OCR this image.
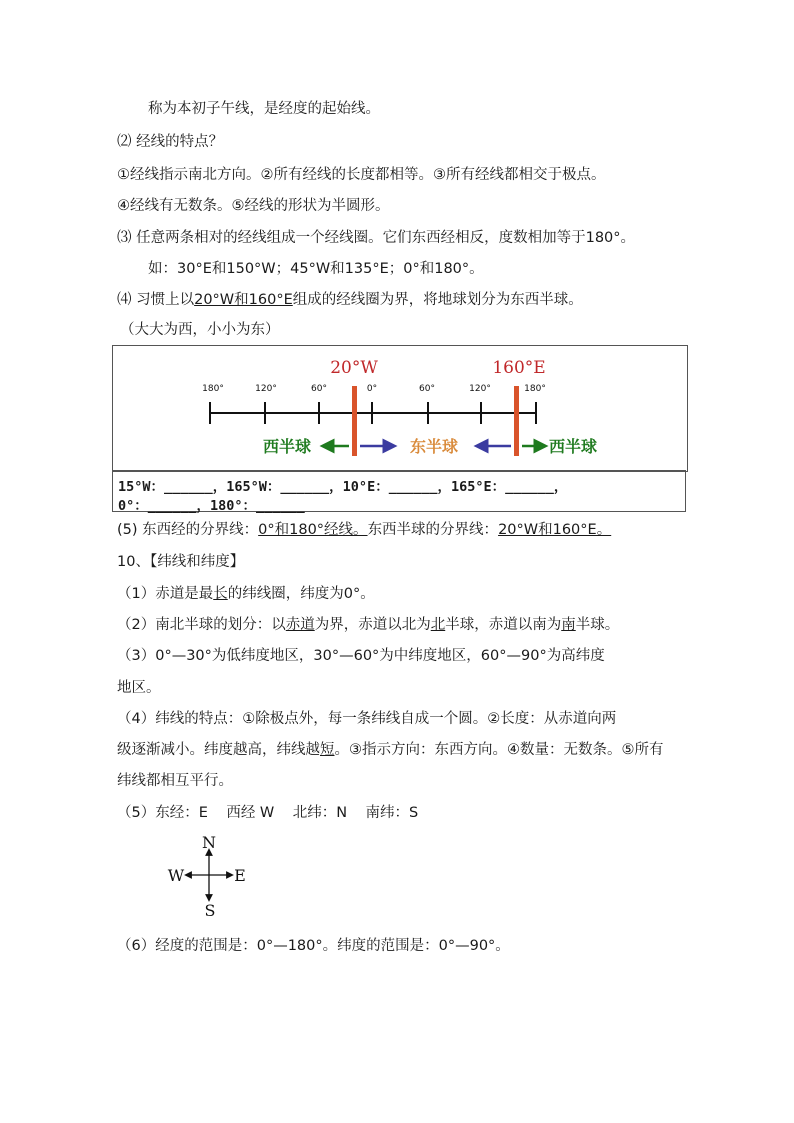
称为本初子午线，是经度的起始线。
⑵ 经线的特点？
①经线指示南北方向。②所有经线的长度都相等。③所有经线都相交于极点。
④经线有无数条。⑤经线的形状为半圆形。
⑶ 任意两条相对的经线组成一个经线圈。它们东西经相反，度数相加等于180°。
如：30°E和150°W；45°W和135°E；0°和180°。
⑷ 习惯上以20°W和160°E组成的经线圈为界，将地球划分为东西半球。
（大大为西，小小为东）
180°	120°	60°	0°	60°	120°	180°
20°W	160°E
西半球	东半球	西半球
15°W：______，165°W：______，10°E：______，165°E：______，
0°：______，180°：______
(5) 东西经的分界线：0°和180°经线。东西半球的分界线：20°W和160°E。
10、【纬线和纬度】
（1）赤道是最长的纬线圈，纬度为0°。
（2）南北半球的划分：以赤道为界，赤道以北为北半球，赤道以南为南半球。
（3）0°—30°为低纬度地区，30°—60°为中纬度地区，60°—90°为高纬度
地区。
（4）纬线的特点：①除极点外，每一条纬线自成一个圆。②长度：从赤道向两
级逐渐减小。纬度越高，纬线越短。③指示方向：东西方向。④数量：无数条。⑤所有
纬线都相互平行。
（5）东经：E    西经 W    北纬：N    南纬：S
N
S
W	E
（6）经度的范围是：0°—180°。纬度的范围是：0°—90°。
